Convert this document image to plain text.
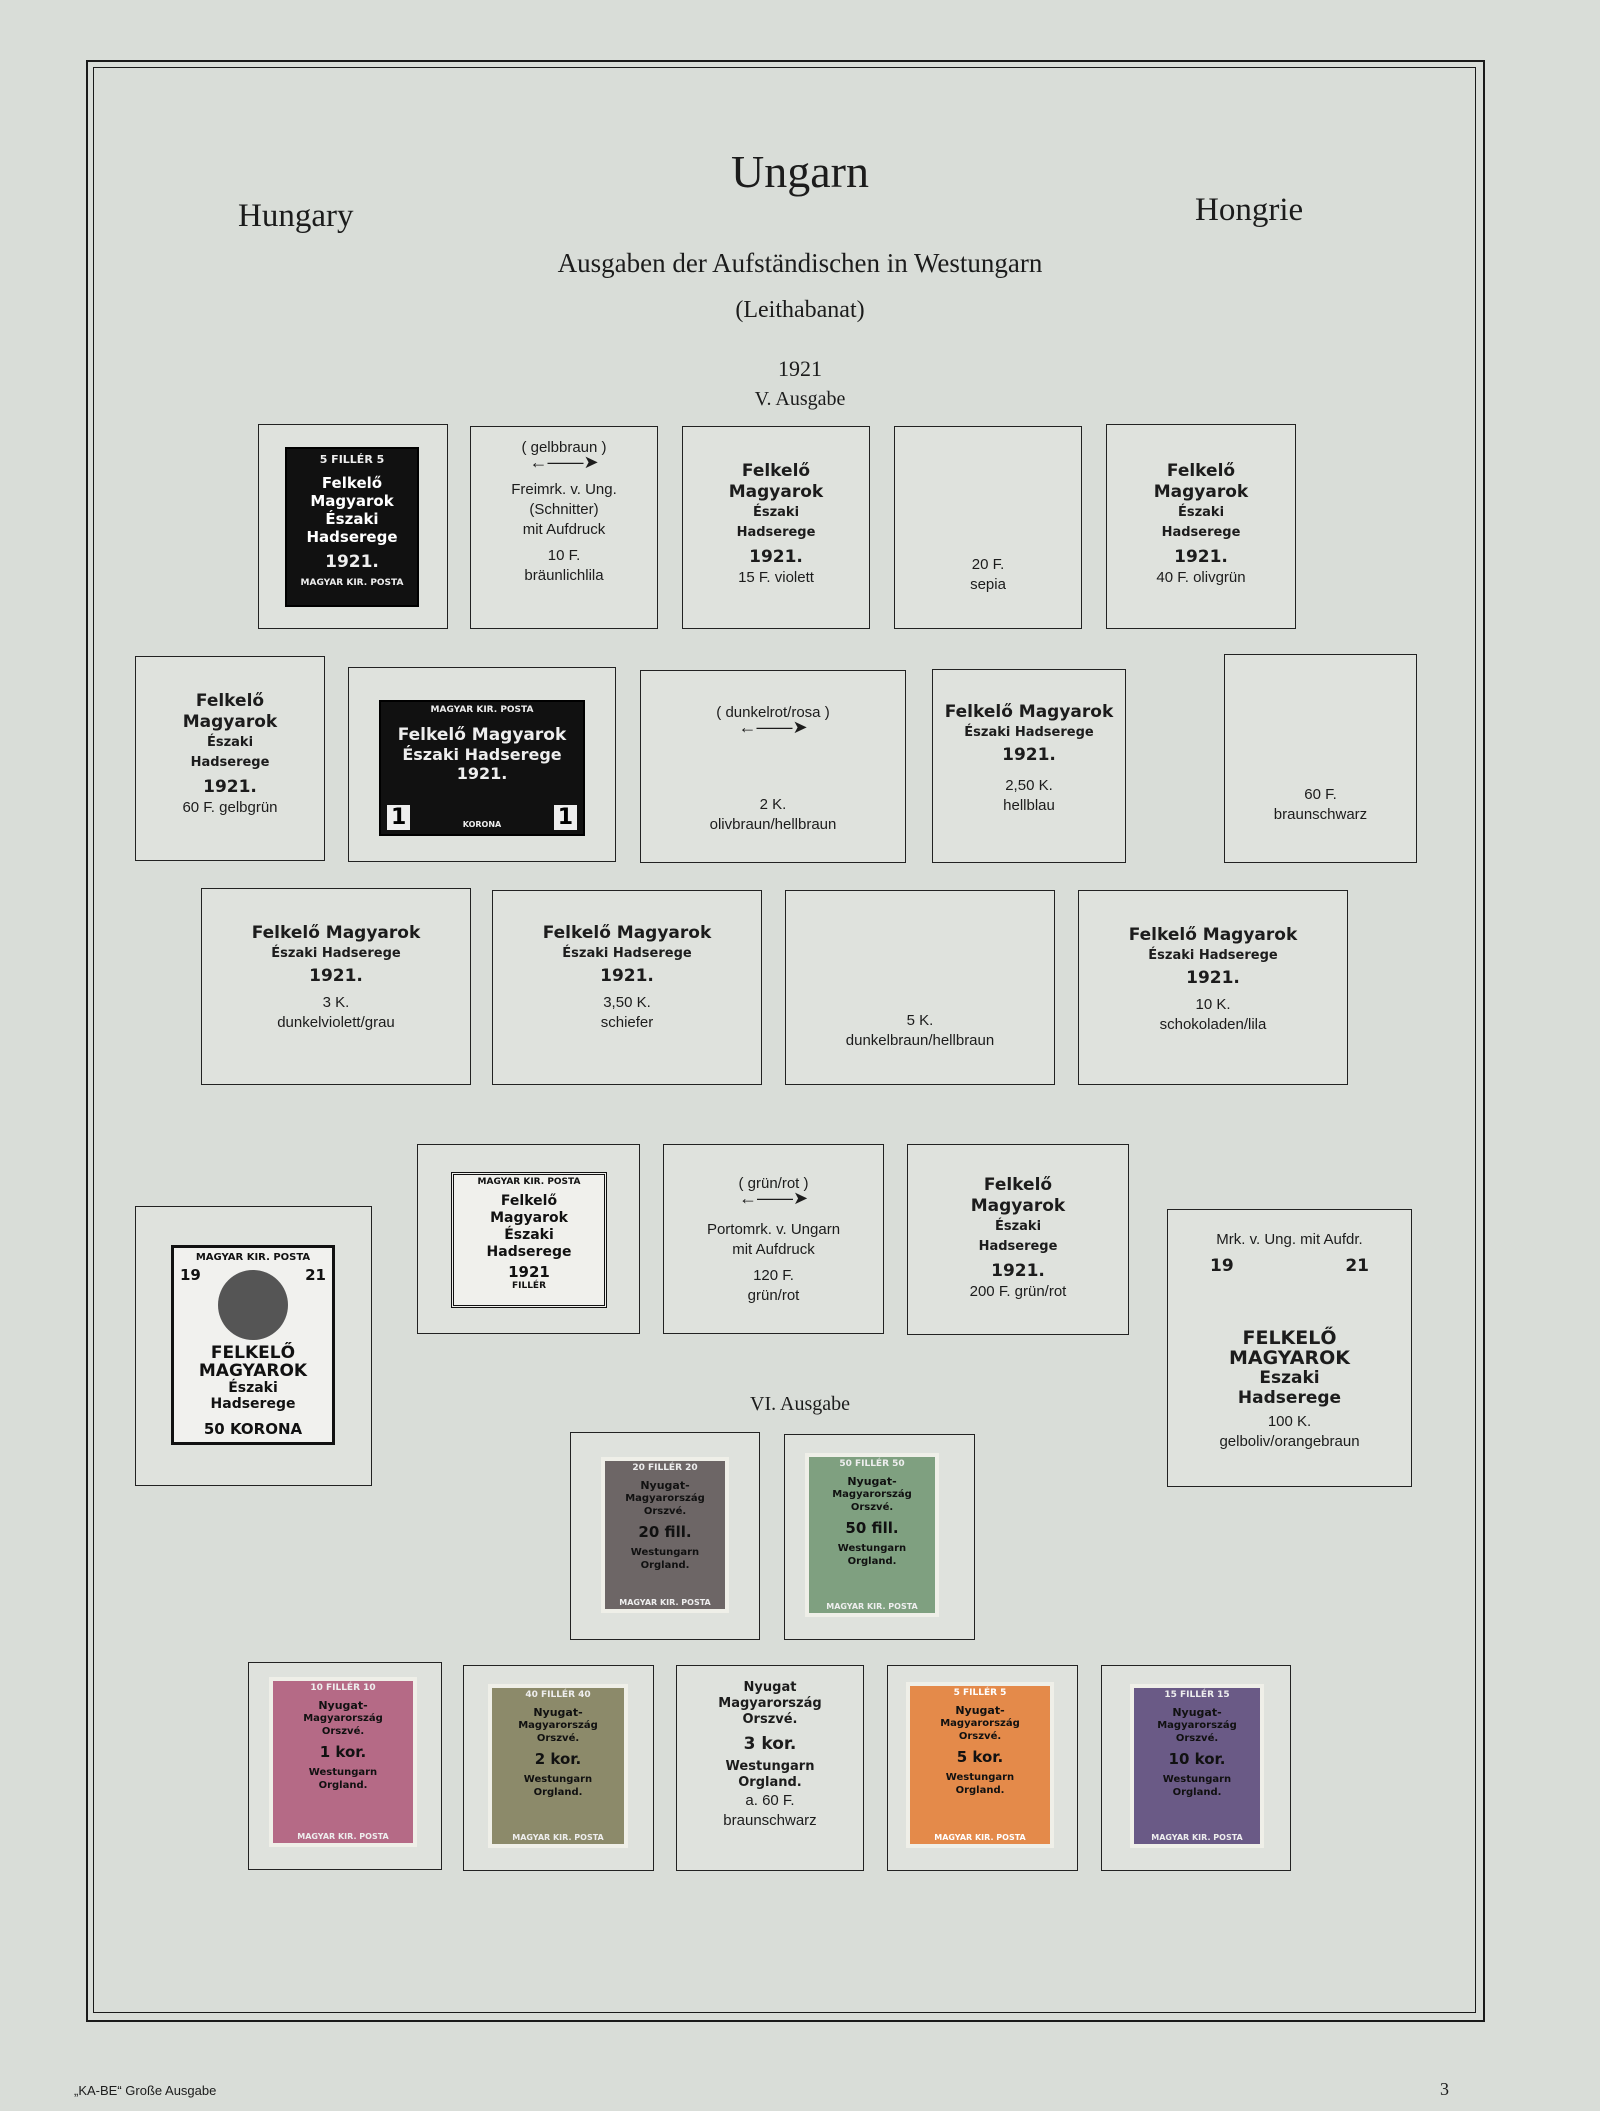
Ungarn
Hungary	Hongrie
Ausgaben der Aufständischen in Westungarn
(Leithabanat)
1921
V. Ausgabe
5 FILLÉR 5
Felkelő Magyarok Északi Hadserege
1921.
MAGYAR KIR. POSTA
( gelbbraun )
←——➤
Freimrk. v. Ung.
(Schnitter)
mit Aufdruck
10 F.
bräunlichlila
Felkelő
Magyarok
Északi
Hadserege
1921.
15 F. violett
20 F.
sepia
Felkelő
Magyarok
Északi
Hadserege
1921.
40 F. olivgrün
Felkelő
Magyarok
Északi
Hadserege
1921.
60 F. gelbgrün
MAGYAR KIR. POSTA
Felkelő Magyarok
Északi Hadserege
1921.
1	1
KORONA
( dunkelrot/rosa )
←——➤
2 K.
olivbraun/hellbraun
Felkelő Magyarok
Északi Hadserege
1921.
2,50 K.
hellblau
60 F.
braunschwarz
Felkelő Magyarok
Északi Hadserege
1921.
3 K.
dunkelviolett/grau
Felkelő Magyarok
Északi Hadserege
1921.
3,50 K.
schiefer	5 K.
dunkelbraun/hellbraun
Felkelő Magyarok
Északi Hadserege
1921.
10 K.
schokoladen/lila
MAGYAR KIR. POSTA
19	21
FELKELŐ
MAGYAROK
Északi
Hadserege
50 KORONA
MAGYAR KIR. POSTA
Felkelő Magyarok Északi Hadserege
1921
FILLÉR
( grün/rot )
←——➤
Portomrk. v. Ungarn
mit Aufdruck
120 F.
grün/rot
Felkelő
Magyarok
Északi
Hadserege
1921.
200 F. grün/rot
Mrk. v. Ung. mit Aufdr.
19	21
FELKELŐ
MAGYAROK
Eszaki
Hadserege
100 K.
gelboliv/orangebraun
VI. Ausgabe
20 FILLÉR 20
Nyugat-
Magyarország
Orszvé.
20 fill.
Westungarn
Orgland.
MAGYAR KIR. POSTA
50 FILLÉR 50
Nyugat-
Magyarország
Orszvé.
50 fill.
Westungarn
Orgland.
MAGYAR KIR. POSTA
10 FILLÉR 10
Nyugat-
Magyarország
Orszvé.
1 kor.
Westungarn
Orgland.
MAGYAR KIR. POSTA
40 FILLÉR 40
Nyugat-
Magyarország
Orszvé.
2 kor.
Westungarn
Orgland.
MAGYAR KIR. POSTA
Nyugat
Magyarország
Orszvé.
3 kor.
Westungarn
Orgland.
a. 60 F.
braunschwarz
5 FILLÉR 5
Nyugat-
Magyarország
Orszvé.
5 kor.
Westungarn
Orgland.
MAGYAR KIR. POSTA
15 FILLÉR 15
Nyugat-
Magyarország
Orszvé.
10 kor.
Westungarn
Orgland.
MAGYAR KIR. POSTA
„KA-BE“ Große Ausgabe	3
